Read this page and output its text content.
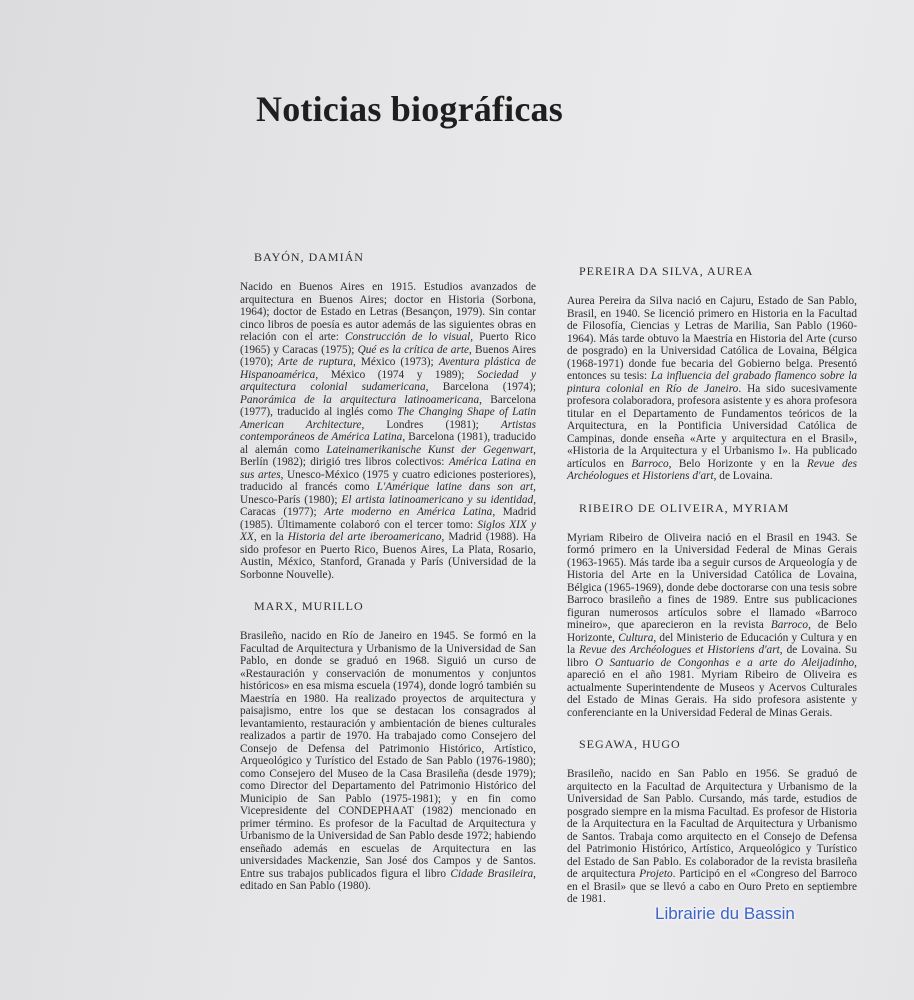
Noticias biográficas
BAYÓN, DAMIÁN

Nacido en Buenos Aires en 1915. Estudios avanzados de arquitectura en Buenos Aires; doctor en Historia (Sorbona, 1964); doctor de Estado en Letras (Besançon, 1979). Sin contar cinco libros de poesía es autor además de las siguientes obras en relación con el arte: Construcción de lo visual, Puerto Rico (1965) y Caracas (1975); Qué es la crítica de arte, Buenos Aires (1970); Arte de ruptura, México (1973); Aventura plástica de Hispanoamérica, México (1974 y 1989); Sociedad y arquitectura colonial sudamericana, Barcelona (1974); Panorámica de la arquitectura latinoamericana, Barcelona (1977), traducido al inglés como The Changing Shape of Latin American Architecture, Londres (1981); Artistas contemporáneos de América Latina, Barcelona (1981), traducido al alemán como Lateinamerikanische Kunst der Gegenwart, Berlín (1982); dirigió tres libros colectivos: América Latina en sus artes, Unesco-México (1975 y cuatro ediciones posteriores), traducido al francés como L'Amérique latine dans son art, Unesco-París (1980); El artista latinoamericano y su identidad, Caracas (1977); Arte moderno en América Latina, Madrid (1985). Últimamente colaboró con el tercer tomo: Siglos XIX y XX, en la Historia del arte iberoamericano, Madrid (1988). Ha sido profesor en Puerto Rico, Buenos Aires, La Plata, Rosario, Austin, México, Stanford, Granada y París (Universidad de la Sorbonne Nouvelle).

MARX, MURILLO

Brasileño, nacido en Río de Janeiro en 1945. Se formó en la Facultad de Arquitectura y Urbanismo de la Universidad de San Pablo, en donde se graduó en 1968. Siguió un curso de «Restauración y conservación de monumentos y conjuntos históricos» en esa misma escuela (1974), donde logró también su Maestría en 1980. Ha realizado proyectos de arquitectura y paisajismo, entre los que se destacan los consagrados al levantamiento, restauración y ambientación de bienes culturales realizados a partir de 1970. Ha trabajado como Consejero del Consejo de Defensa del Patrimonio Histórico, Artístico, Arqueológico y Turístico del Estado de San Pablo (1976-1980); como Consejero del Museo de la Casa Brasileña (desde 1979); como Director del Departamento del Patrimonio Histórico del Municipio de San Pablo (1975-1981); y en fin como Vicepresidente del CONDEPHAAT (1982) mencionado en primer término. Es profesor de la Facultad de Arquitectura y Urbanismo de la Universidad de San Pablo desde 1972; habiendo enseñado además en escuelas de Arquitectura en las universidades Mackenzie, San José dos Campos y de Santos. Entre sus trabajos publicados figura el libro Cidade Brasileira, editado en San Pablo (1980).

PEREIRA DA SILVA, AUREA

Aurea Pereira da Silva nació en Cajuru, Estado de San Pablo, Brasil, en 1940. Se licenció primero en Historia en la Facultad de Filosofía, Ciencias y Letras de Marilia, San Pablo (1960-1964). Más tarde obtuvo la Maestría en Historia del Arte (curso de posgrado) en la Universidad Católica de Lovaina, Bélgica (1968-1971) donde fue becaria del Gobierno belga. Presentó entonces su tesis: La influencia del grabado flamenco sobre la pintura colonial en Río de Janeiro. Ha sido sucesivamente profesora colaboradora, profesora asistente y es ahora profesora titular en el Departamento de Fundamentos teóricos de la Arquitectura, en la Pontificia Universidad Católica de Campinas, donde enseña «Arte y arquitectura en el Brasil», «Historia de la Arquitectura y el Urbanismo I». Ha publicado artículos en Barroco, Belo Horizonte y en la Revue des Archéologues et Historiens d'art, de Lovaina.

RIBEIRO DE OLIVEIRA, MYRIAM

Myriam Ribeiro de Oliveira nació en el Brasil en 1943. Se formó primero en la Universidad Federal de Minas Gerais (1963-1965). Más tarde iba a seguir cursos de Arqueología y de Historia del Arte en la Universidad Católica de Lovaina, Bélgica (1965-1969), donde debe doctorarse con una tesis sobre Barroco brasileño a fines de 1989. Entre sus publicaciones figuran numerosos artículos sobre el llamado «Barroco mineiro», que aparecieron en la revista Barroco, de Belo Horizonte, Cultura, del Ministerio de Educación y Cultura y en la Revue des Archéologues et Historiens d'art, de Lovaina. Su libro O Santuario de Congonhas e a arte do Aleijadinho, apareció en el año 1981. Myriam Ribeiro de Oliveira es actualmente Superintendente de Museos y Acervos Culturales del Estado de Minas Gerais. Ha sido profesora asistente y conferenciante en la Universidad Federal de Minas Gerais.

SEGAWA, HUGO

Brasileño, nacido en San Pablo en 1956. Se graduó de arquitecto en la Facultad de Arquitectura y Urbanismo de la Universidad de San Pablo. Cursando, más tarde, estudios de posgrado siempre en la misma Facultad. Es profesor de Historia de la Arquitectura en la Facultad de Arquitectura y Urbanismo de Santos. Trabaja como arquitecto en el Consejo de Defensa del Patrimonio Histórico, Artístico, Arqueológico y Turístico del Estado de San Pablo. Es colaborador de la revista brasileña de arquitectura Projeto. Participó en el «Congreso del Barroco en el Brasil» que se llevó a cabo en Ouro Preto en septiembre de 1981.

Librairie du Bassin
